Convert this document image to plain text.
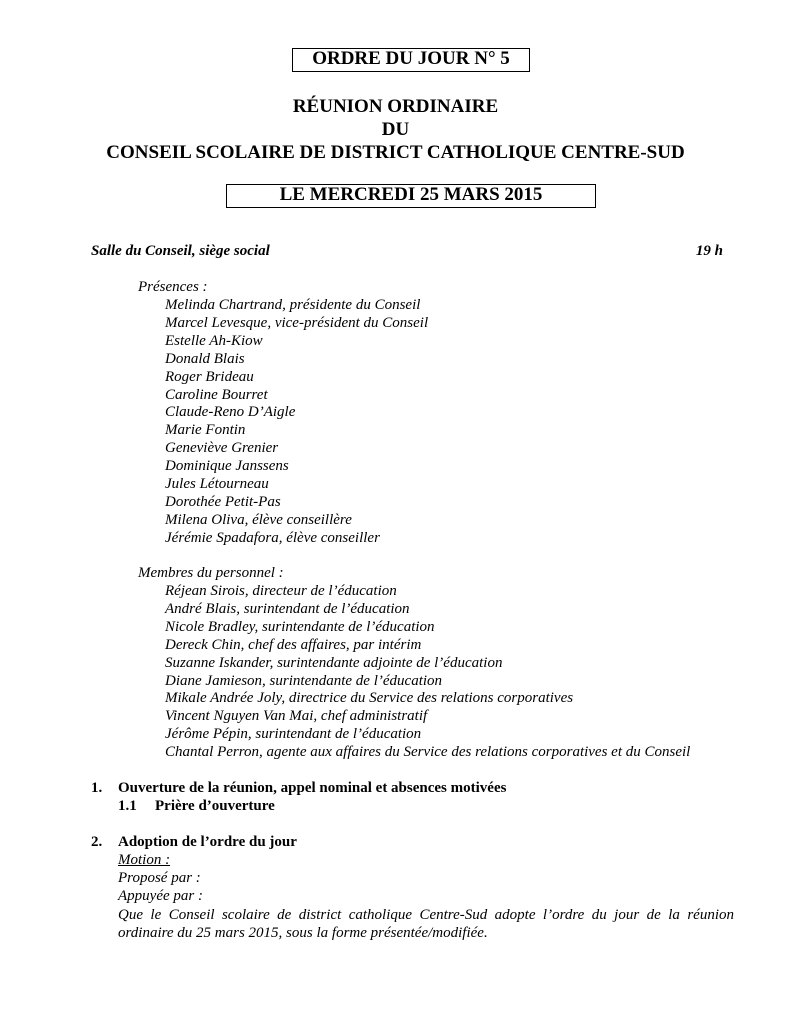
ORDRE DU JOUR N° 5
RÉUNION ORDINAIRE
DU
CONSEIL SCOLAIRE DE DISTRICT CATHOLIQUE CENTRE-SUD
LE MERCREDI 25 MARS 2015
Salle du Conseil, siège social	19 h
Présences :
Melinda Chartrand, présidente du Conseil
Marcel Levesque, vice-président du Conseil
Estelle Ah-Kiow
Donald Blais
Roger Brideau
Caroline Bourret
Claude-Reno D’Aigle
Marie Fontin
Geneviève Grenier
Dominique Janssens
Jules Létourneau
Dorothée Petit-Pas
Milena Oliva, élève conseillère
Jérémie Spadafora, élève conseiller
Membres du personnel :
Réjean Sirois, directeur de l’éducation
André Blais, surintendant de l’éducation
Nicole Bradley, surintendante de l’éducation
Dereck Chin, chef des affaires, par intérim
Suzanne Iskander, surintendante adjointe de l’éducation
Diane Jamieson, surintendante de l’éducation
Mikale Andrée Joly, directrice du Service des relations corporatives
Vincent Nguyen Van Mai, chef administratif
Jérôme Pépin, surintendant de l’éducation
Chantal Perron, agente aux affaires du Service des relations corporatives et du Conseil
1. Ouverture de la réunion, appel nominal et absences motivées
1.1 Prière d’ouverture
2. Adoption de l’ordre du jour
Motion :
Proposé par :
Appuyée par :
Que le Conseil scolaire de district catholique Centre-Sud adopte l’ordre du jour de la réunion ordinaire du 25 mars 2015, sous la forme présentée/modifiée.
